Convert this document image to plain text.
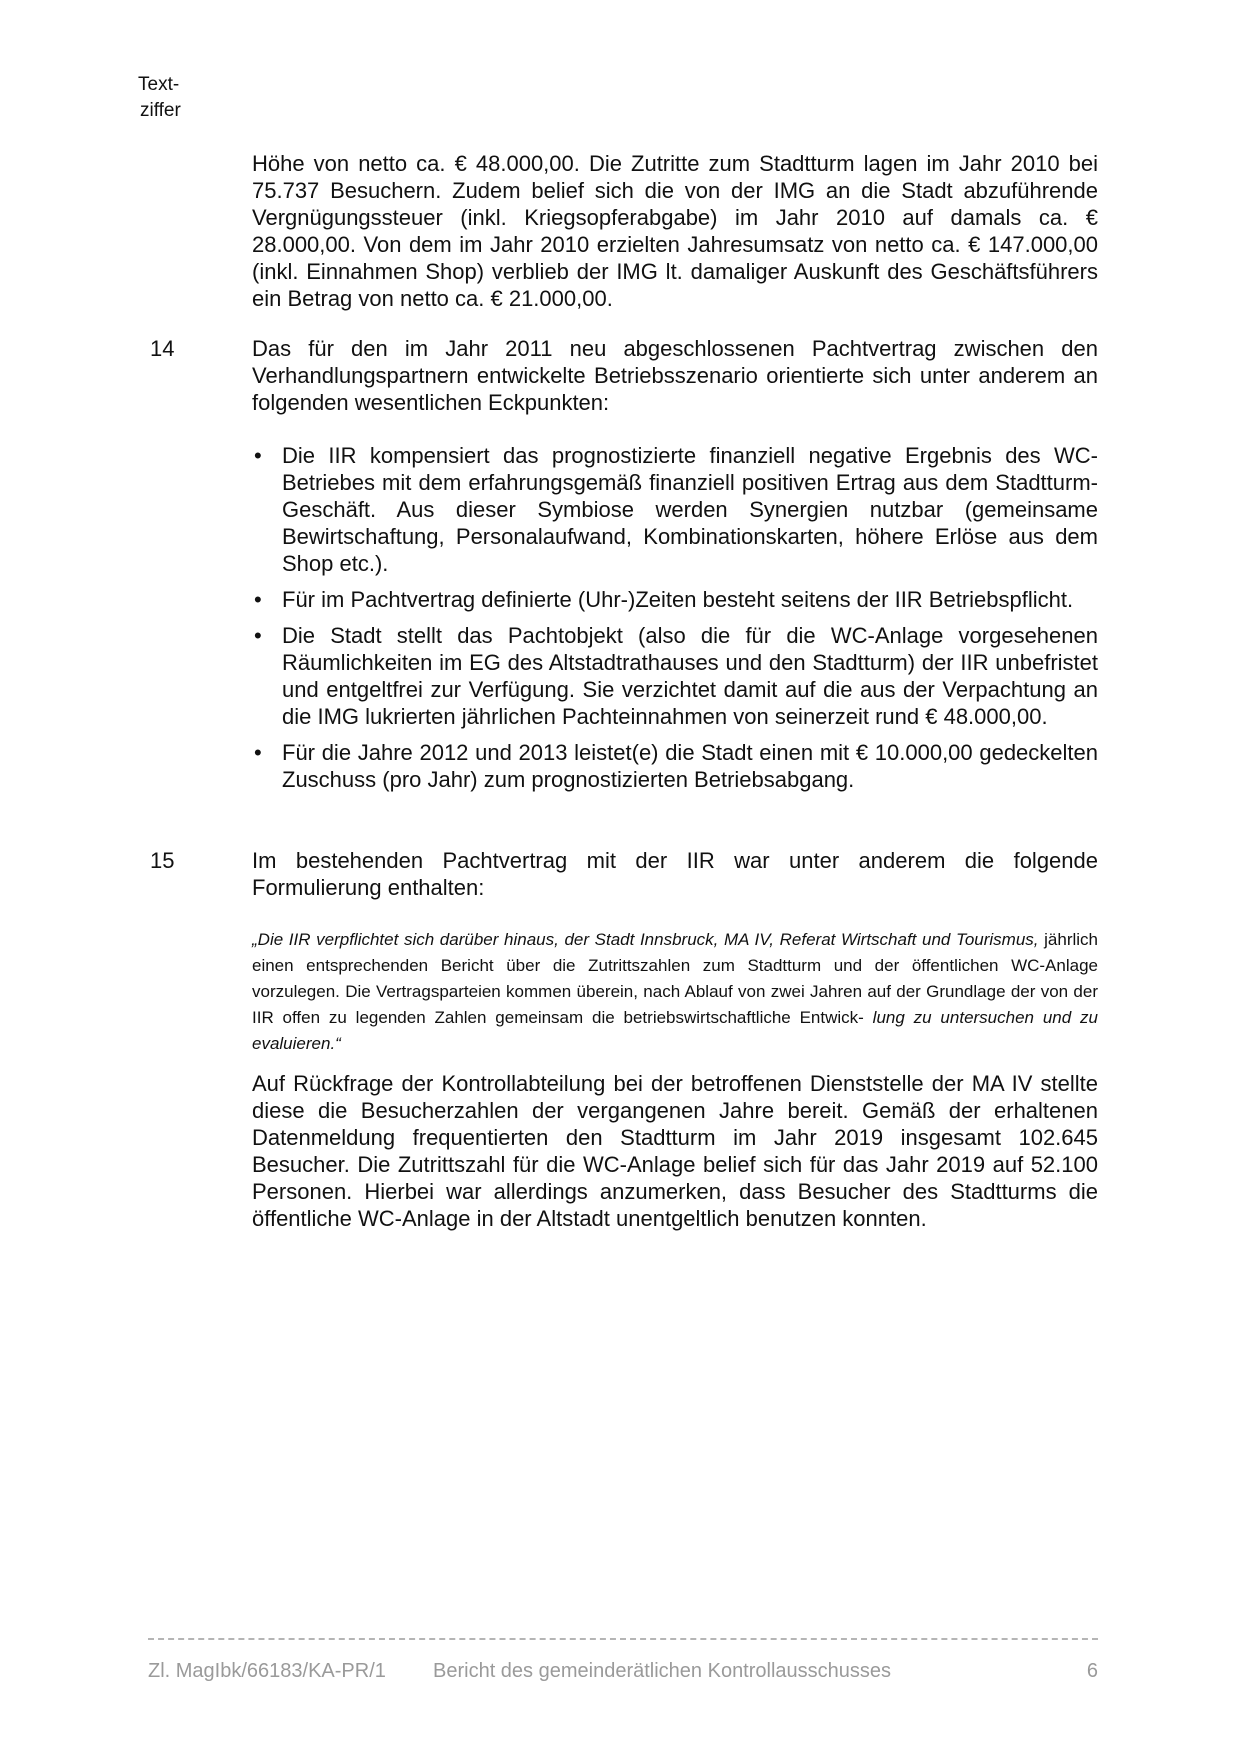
Text-
ziffer

Höhe von netto ca. € 48.000,00. Die Zutritte zum Stadtturm lagen im Jahr 2010 bei 75.737 Besuchern. Zudem belief sich die von der IMG an die Stadt abzuführende Vergnügungssteuer (inkl. Kriegsopferabgabe) im Jahr 2010 auf damals ca. € 28.000,00. Von dem im Jahr 2010 erzielten Jahresumsatz von netto ca. € 147.000,00 (inkl. Einnahmen Shop) verblieb der IMG lt. damaliger Auskunft des Geschäftsführers ein Betrag von netto ca. € 21.000,00.

14	Das für den im Jahr 2011 neu abgeschlossenen Pachtvertrag zwischen den Verhandlungspartnern entwickelte Betriebsszenario orientierte sich unter anderem an folgenden wesentlichen Eckpunkten:

• Die IIR kompensiert das prognostizierte finanziell negative Ergebnis des WC-Betriebes mit dem erfahrungsgemäß finanziell positiven Ertrag aus dem Stadtturm-Geschäft. Aus dieser Symbiose werden Synergien nutzbar (gemeinsame Bewirtschaftung, Personalaufwand, Kombinationskarten, höhere Erlöse aus dem Shop etc.).
• Für im Pachtvertrag definierte (Uhr-)Zeiten besteht seitens der IIR Betriebspflicht.
• Die Stadt stellt das Pachtobjekt (also die für die WC-Anlage vorgesehenen Räumlichkeiten im EG des Altstadtrathauses und den Stadtturm) der IIR unbefristet und entgeltfrei zur Verfügung. Sie verzichtet damit auf die aus der Verpachtung an die IMG lukrierten jährlichen Pachteinnahmen von seinerzeit rund € 48.000,00.
• Für die Jahre 2012 und 2013 leistet(e) die Stadt einen mit € 10.000,00 gedeckelten Zuschuss (pro Jahr) zum prognostizierten Betriebsabgang.
15	Im bestehenden Pachtvertrag mit der IIR war unter anderem die folgende Formulierung enthalten:

„Die IIR verpflichtet sich darüber hinaus, der Stadt Innsbruck, MA IV, Referat Wirtschaft und Tourismus, jährlich einen entsprechenden Bericht über die Zutrittszahlen zum Stadtturm und der öffentlichen WC-Anlage vorzulegen. Die Vertragsparteien kommen überein, nach Ablauf von zwei Jahren auf der Grundlage der von der IIR offen zu legenden Zahlen gemeinsam die betriebswirtschaftliche Entwick- lung zu untersuchen und zu evaluieren.“

Auf Rückfrage der Kontrollabteilung bei der betroffenen Dienststelle der MA IV stellte diese die Besucherzahlen der vergangenen Jahre bereit. Gemäß der erhaltenen Datenmeldung frequentierten den Stadtturm im Jahr 2019 insgesamt 102.645 Besucher. Die Zutrittszahl für die WC-Anlage belief sich für das Jahr 2019 auf 52.100 Personen. Hierbei war allerdings anzumerken, dass Besucher des Stadtturms die öffentliche WC-Anlage in der Altstadt unentgeltlich benutzen konnten.

Zl. MagIbk/66183/KA-PR/1 Bericht des gemeinderätlichen Kontrollausschusses	6
